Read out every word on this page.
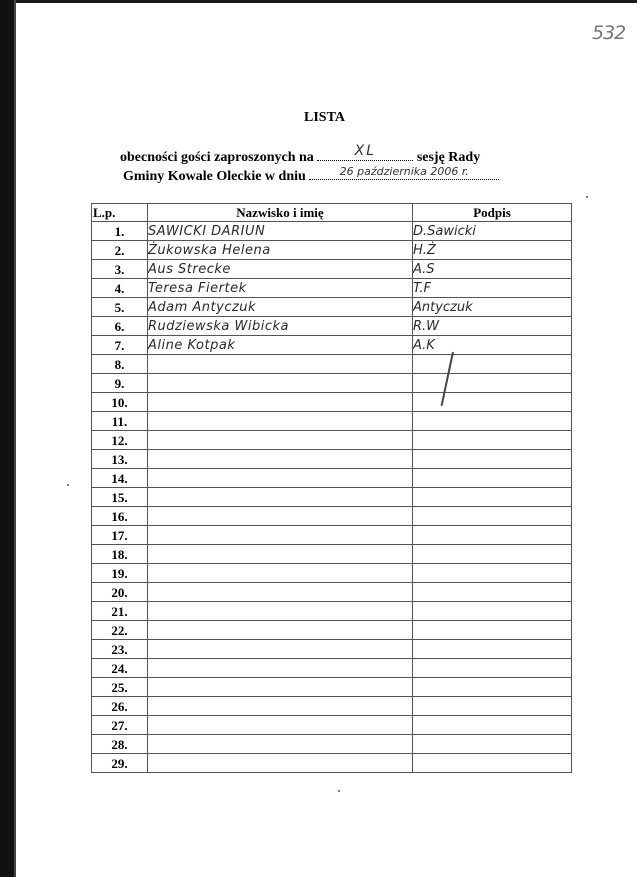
532
LISTA
obecności gości zaproszonych na	XL	sesję Rady
Gminy Kowale Oleckie w dniu	26 października 2006 r.
L.p.	Nazwisko i imię	Podpis
1.	SAWICKI DARIUN	D.Sawicki
2.	Żukowska Helena	H.Ż
3.	Aus Strecke	A.S
4.	Teresa Fiertek	T.F
5.	Adam Antyczuk	Antyczuk
6.	Rudziewska Wibicka	R.W
7.	Aline Kotpak	A.K
8.		
9.		
10.		
11.		
12.		
13.		
14.		
15.		
16.		
17.		
18.		
19.		
20.		
21.		
22.		
23.		
24.		
25.		
26.		
27.		
28.		
29.		
